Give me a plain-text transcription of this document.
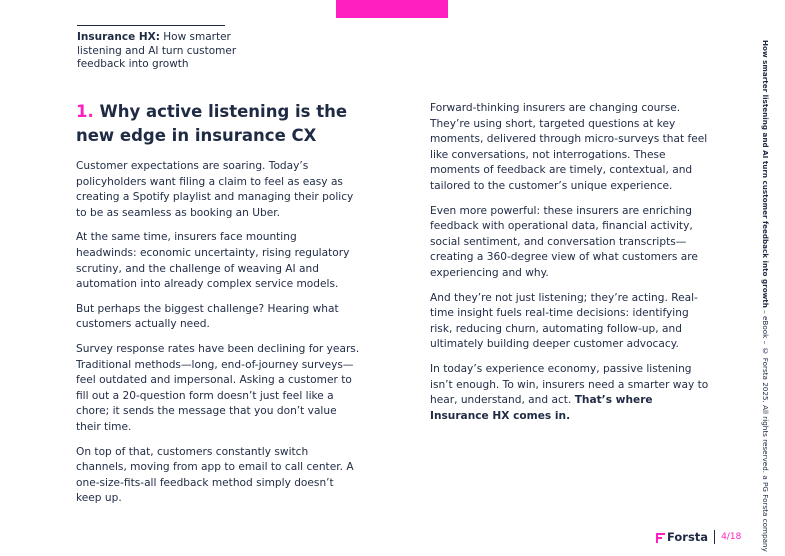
Insurance HX: How smarter listening and AI turn customer feedback into growth
1. Why active listening is the new edge in insurance CX

Customer expectations are soaring. Today’s policyholders want filing a claim to feel as easy as creating a Spotify playlist and managing their policy to be as seamless as booking an Uber.

At the same time, insurers face mounting headwinds: economic uncertainty, rising regulatory scrutiny, and the challenge of weaving AI and automation into already complex service models.

But perhaps the biggest challenge? Hearing what customers actually need.

Survey response rates have been declining for years. Traditional methods—long, end-of-journey surveys—feel outdated and impersonal. Asking a customer to fill out a 20-question form doesn’t just feel like a chore; it sends the message that you don’t value their time.

On top of that, customers constantly switch channels, moving from app to email to call center. A one-size-fits-all feedback method simply doesn’t keep up.

Forward-thinking insurers are changing course. They’re using short, targeted questions at key moments, delivered through micro-surveys that feel like conversations, not interrogations. These moments of feedback are timely, contextual, and tailored to the customer’s unique experience.

Even more powerful: these insurers are enriching feedback with operational data, financial activity, social sentiment, and conversation transcripts—creating a 360-degree view of what customers are experiencing and why.

And they’re not just listening; they’re acting. Real-time insight fuels real-time decisions: identifying risk, reducing churn, automating follow-up, and ultimately building deeper customer advocacy.

In today’s experience economy, passive listening isn’t enough. To win, insurers need a smarter way to hear, understand, and act. That’s where Insurance HX comes in.

How smarter listening and AI turn customer feedback into growth – eBook – © Forsta 2025. All rights reserved. a PG Forsta company
Forsta 4/18
